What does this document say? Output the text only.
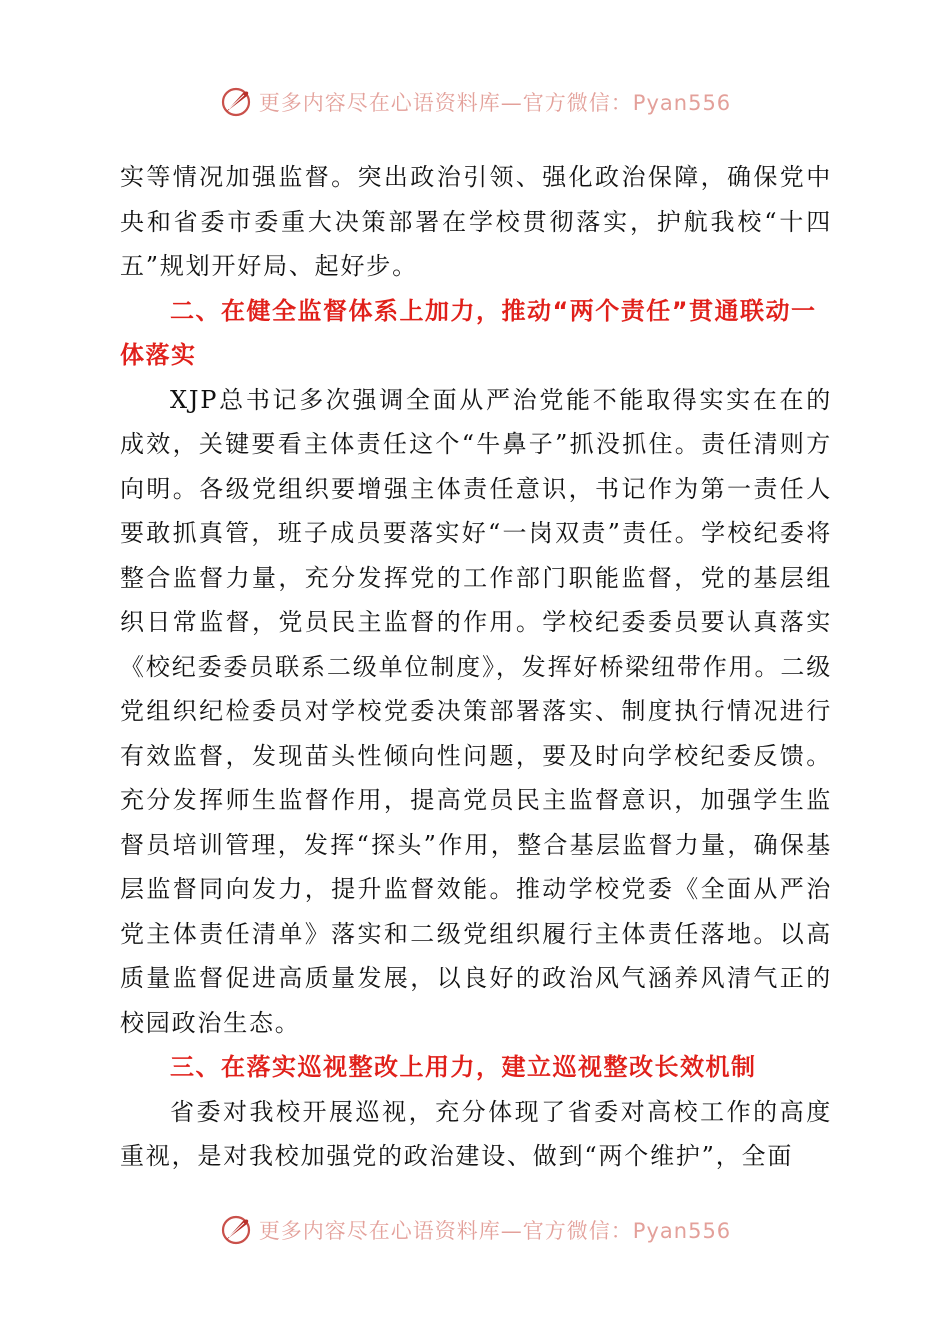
更多内容尽在心语资料库—官方微信：Pyan556

实等情况加强监督。突出政治引领、强化政治保障，确保党中央和省委市委重大决策部署在学校贯彻落实，护航我校“十四五”规划开好局、起好步。

二、在健全监督体系上加力，推动“两个责任”贯通联动一体落实

XJP总书记多次强调全面从严治党能不能取得实实在在的成效，关键要看主体责任这个“牛鼻子”抓没抓住。责任清则方向明。各级党组织要增强主体责任意识，书记作为第一责任人要敢抓真管，班子成员要落实好“一岗双责”责任。学校纪委将整合监督力量，充分发挥党的工作部门职能监督，党的基层组织日常监督，党员民主监督的作用。学校纪委委员要认真落实《校纪委委员联系二级单位制度》，发挥好桥梁纽带作用。二级党组织纪检委员对学校党委决策部署落实、制度执行情况进行有效监督，发现苗头性倾向性问题，要及时向学校纪委反馈。充分发挥师生监督作用，提高党员民主监督意识，加强学生监督员培训管理，发挥“探头”作用，整合基层监督力量，确保基层监督同向发力，提升监督效能。推动学校党委《全面从严治党主体责任清单》落实和二级党组织履行主体责任落地。以高质量监督促进高质量发展，以良好的政治风气涵养风清气正的校园政治生态。

三、在落实巡视整改上用力，建立巡视整改长效机制

省委对我校开展巡视，充分体现了省委对高校工作的高度重视，是对我校加强党的政治建设、做到“两个维护”，全面

更多内容尽在心语资料库—官方微信：Pyan556
